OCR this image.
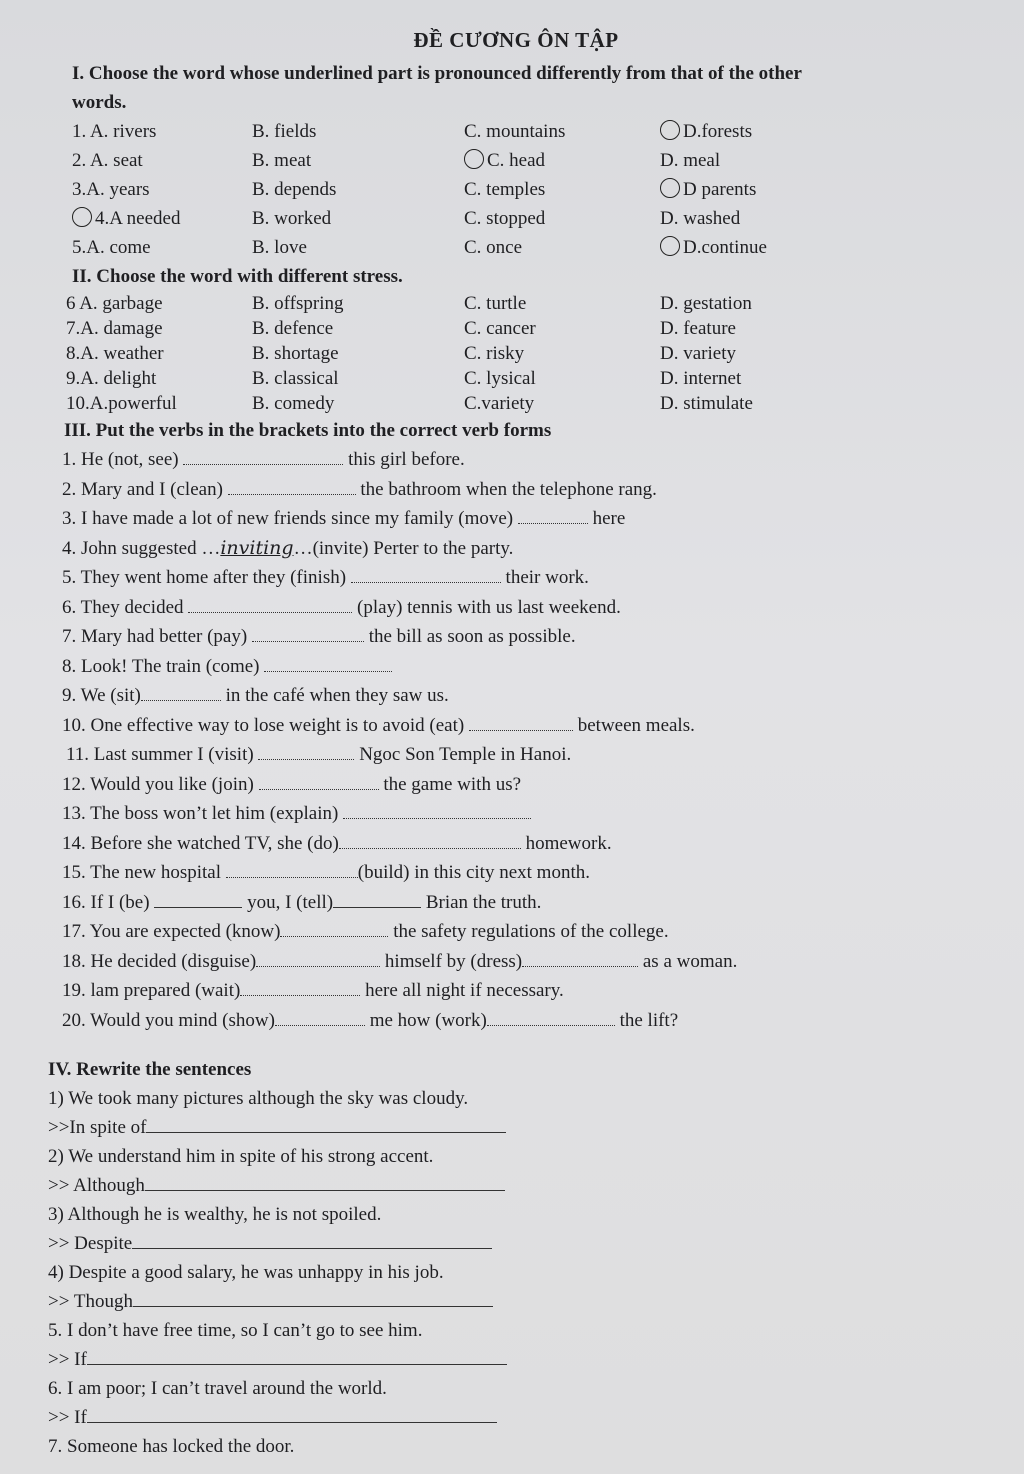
ĐỀ CƯƠNG ÔN TẬP

I. Choose the word whose underlined part is pronounced differently from that of the other
words.

1. A. rivers	B. fields	C. mountains	D.forests
2. A. seat	B. meat	C. head	D. meal
3.A. years	B. depends	C. temples	D parents
4.A needed	B. worked	C. stopped	D. washed
5.A. come	B. love	C. once	D.continue

II. Choose the word with different stress.

6 A. garbage	B. offspring	C. turtle	D. gestation
7.A. damage	B. defence	C. cancer	D. feature
8.A. weather	B. shortage	C. risky	D. variety
9.A. delight	B. classical	C. lysical	D. internet
10.A.powerful	B. comedy	C.variety	D. stimulate

III. Put the verbs in the brackets into the correct verb forms

1. He (not, see)	this girl before.
2. Mary and I (clean)	the bathroom when the telephone rang.
3. I have made a lot of new friends since my family (move)	here
4. John suggested …inviting…(invite) Perter to the party.
5. They went home after they (finish)	their work.
6. They decided	(play) tennis with us last weekend.
7. Mary had better (pay)	the bill as soon as possible.
8. Look! The train (come)
9. We (sit)	in the café when they saw us.
10. One effective way to lose weight is to avoid (eat)	between meals.
11. Last summer I (visit)	Ngoc Son Temple in Hanoi.
12. Would you like (join)	the game with us?
13. The boss won’t let him (explain)
14. Before she watched TV, she (do)	homework.
15. The new hospital	(build) in this city next month.
16. If I (be)	you, I (tell)	Brian the truth.
17. You are expected (know)	the safety regulations of the college.
18. He decided (disguise)	himself by (dress)	as a woman.
19. lam prepared (wait)	here all night if necessary.
20. Would you mind (show)	me how (work)	the lift?

IV. Rewrite the sentences

1) We took many pictures although the sky was cloudy.
>>In spite of
2) We understand him in spite of his strong accent.
>> Although
3) Although he is wealthy, he is not spoiled.
>> Despite
4) Despite a good salary, he was unhappy in his job.
>> Though
5. I don’t have free time, so I can’t go to see him.
>> If
6. I am poor; I can’t travel around the world.
>> If
7. Someone has locked the door.
